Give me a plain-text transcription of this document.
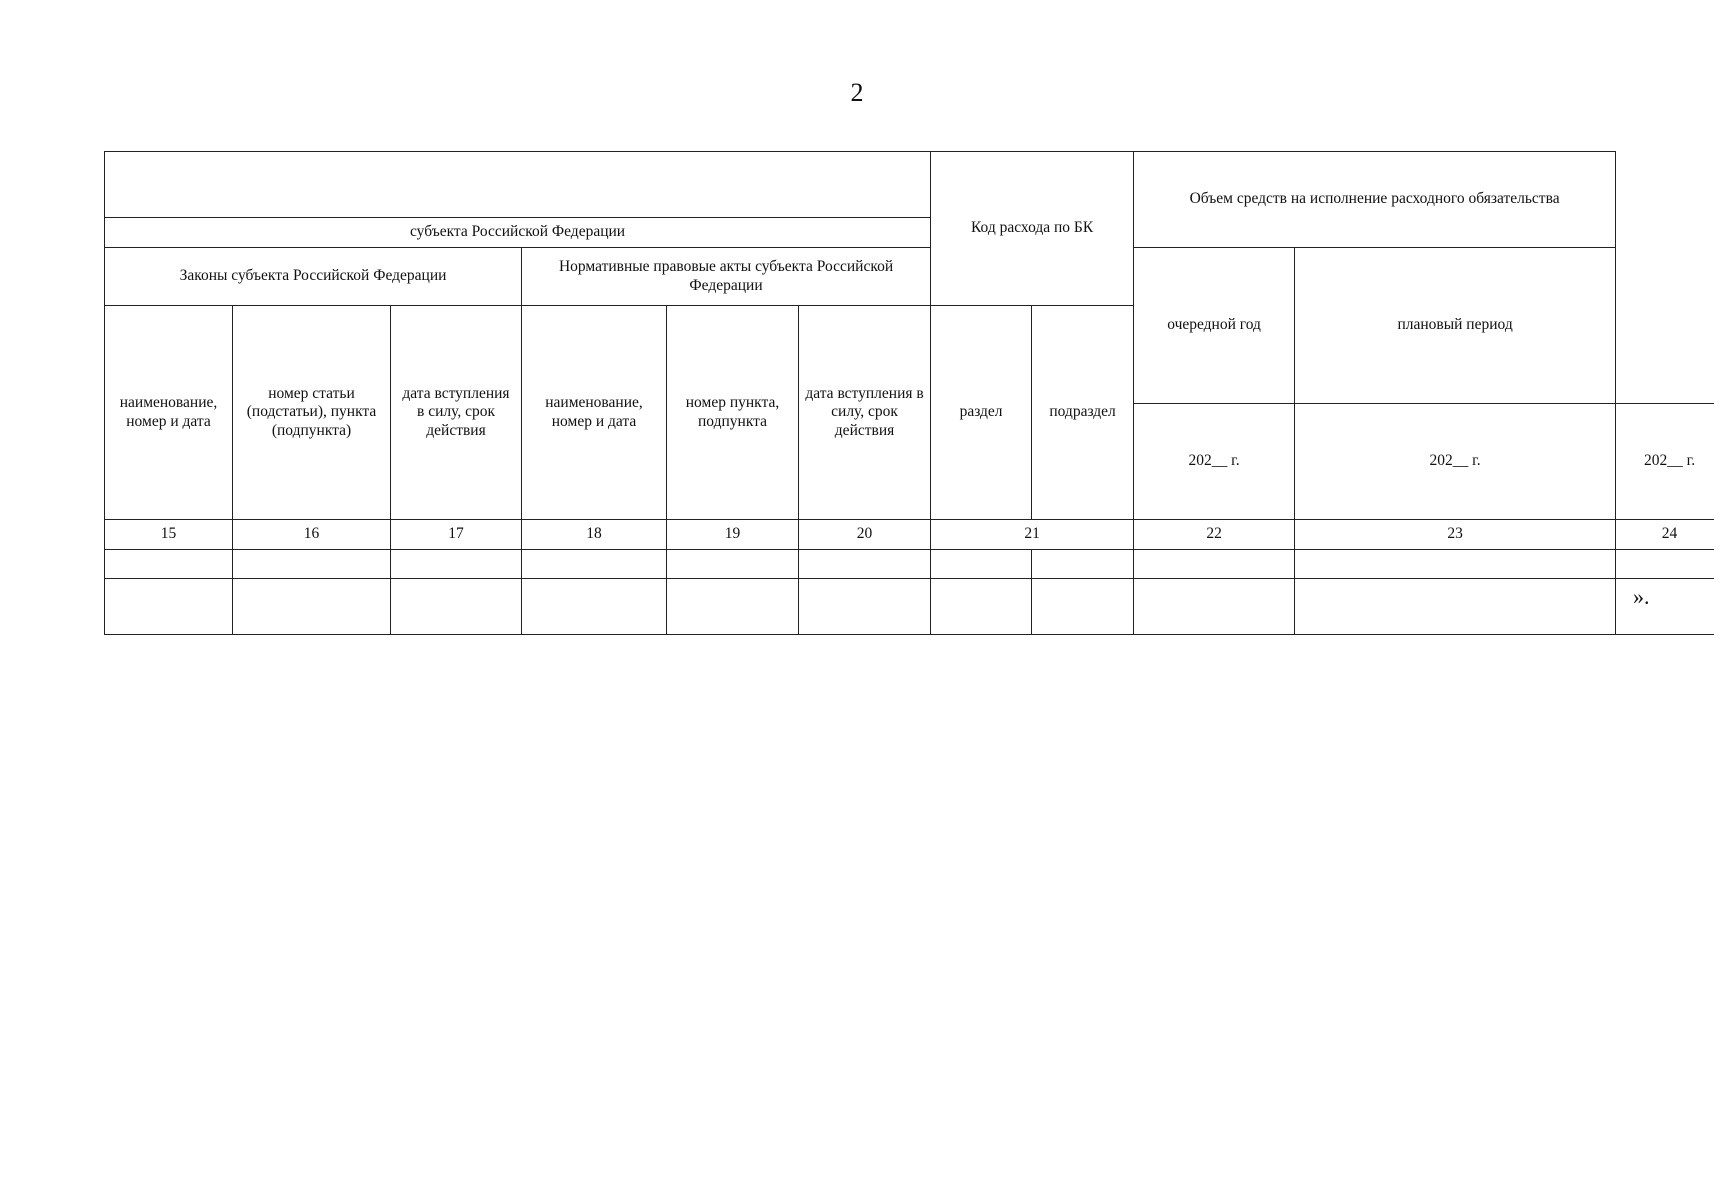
2
						Код расхода по БК		Объем средств на исполнение расходного обязательства		
субъекта Российской Федерации										
Законы субъекта Российской Федерации			Нормативные правовые акты субъекта Российской Федерации					очередной год	плановый период	
наименование, номер и дата	номер статьи (подстатьи), пункта (подпункта)	дата вступления в силу, срок действия	наименование, номер и дата	номер пункта, подпункта	дата вступления в силу, срок действия	раздел	подраздел			
								202__ г.	202__ г.	202__ г.
15	16	17	18	19	20	21		22	23	24

».
